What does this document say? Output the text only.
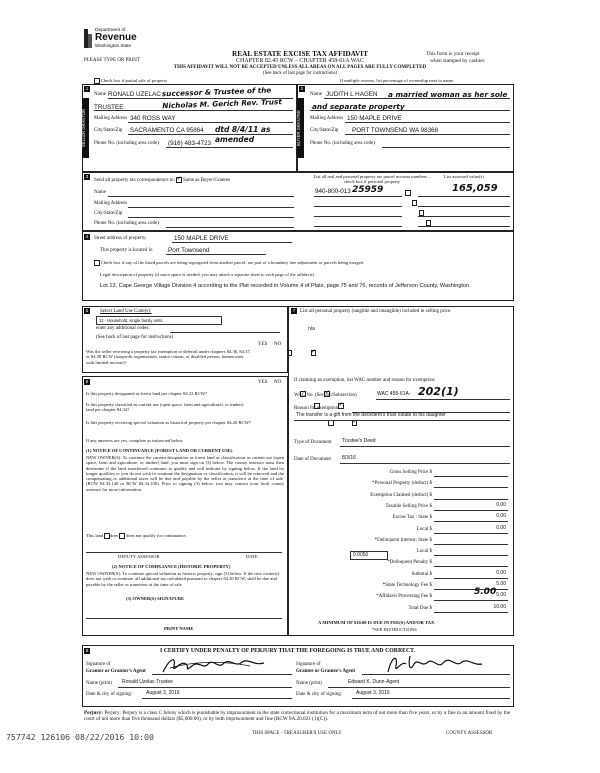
Department of
Revenue
Washington State
PLEASE TYPE OR PRINT
REAL ESTATE EXCISE TAX AFFIDAVIT
CHAPTER 82.45 RCW – CHAPTER 458-61A WAC
THIS AFFIDAVIT WILL NOT BE ACCEPTED UNLESS ALL AREAS ON ALL PAGES ARE FULLY COMPLETED
(See back of last page for instructions)
This form is your receipt
when stamped by cashier.
Check box if partial sale of property	If multiple owners, list percentage of ownership next to name.
1	2
SELLER GRANTOR	BUYER GRANTEE
Name RONALD UZELAC -
TRUSTEE
successor & Trustee of the Nicholas M. Gerich Rev. Trust
Mailing Address 340 ROSS WAY
City/State/Zip SACRAMENTO CA 95864 dtd 8/4/11 as amended
Phone No. (including area code) (916) 483-4723
Name JUDITH L HAGEN	a married woman as her sole and separate property
Mailing Address 150 MAPLE DRIVE
City/State/Zip PORT TOWNSEND WA 98368
Phone No. (including area code)
3
Send all property tax correspondence to: ✓ Same as Buyer/Grantee
Name
Mailing Address
City/State/Zip
Phone No. (including area code)
List all real and personal property tax parcel account numbers – check box if personal property
List assessed value(s)
940-800-013 25959	165,059

4	Street address of property:	150 MAPLE DRIVE
This property is located in Port Townsend
Check box if any of the listed parcels are being segregated from another parcel, are part of a boundary line adjustment or parcels being merged.
Legal description of property (if more space is needed, you may attach a separate sheet to each page of the affidavit)
Lot 13, Cape George Village Division 4 according to the Plat recorded in Volume 4 of Plats, page 75 and 76, records of Jefferson County, Washington.
5	Select Land Use Code(s):
11 - Household, single family units
enter any additional codes:
(See back of last page for instructions)
YES NO
Was the seller receiving a property tax exemption or deferral under chapters 84.36, 84.37, or 84.38 RCW (nonprofit organization, senior citizen, or disabled person, homeowner with limited income)?
✓
6	YES NO
Is this property designated as forest land per chapter 84.33 RCW?
✓
Is this property classified as current use (open space, farm and agricultural, or timber) land per chapter 84.34?
✓
Is this property receiving special valuation as historical property per chapter 84.26 RCW?
✓
If any answers are yes, complete as instructed below.
(1) NOTICE OF CONTINUANCE (FOREST LAND OR CURRENT USE)
NEW OWNER(S): To continue the current designation as forest land or classification as current use (open space, farm and agriculture, or timber) land, you must sign on (3) below. The county assessor must then determine if the land transferred continues to qualify and will indicate by signing below. If the land no longer qualifies or you do not wish to continue the designation or classification, it will be removed and the compensating or additional taxes will be due and payable by the seller or transferor at the time of sale. (RCW 84.33.140 or RCW 84.34.108). Prior to signing (3) below, you may contact your local county assessor for more information.
This land does does not qualify for continuance.
DEPUTY ASSESSOR	DATE
(2) NOTICE OF COMPLIANCE (HISTORIC PROPERTY)
NEW OWNER(S): To continue special valuation as historic property, sign (3) below. If the new owner(s) does not wish to continue, all additional tax calculated pursuant to chapter 84.26 RCW, shall be due and payable by the seller or transferor at the time of sale.
(3) OWNER(S) SIGNATURE
PRINT NAME
7 List all personal property (tangible and intangible) included in selling price.
n/a
If claiming an exemption, list WAC number and reason for exemption:
WAC No. (Section/Subsection)	WAC 458-61A- 202(1)
Reason for exemption
The transfer is a gift from the decedent's trust estate to his daughter
Type of Document Trustee's Deed
Date of Document 8/3/16
Gross Selling Price $
*Personal Property (deduct) $
Exemption Claimed (deduct) $
Taxable Selling Price $	0.00
Excise Tax : State $	0.00
Local $	0.00
*Delinquent Interest: State $
Local $
*Delinquent Penalty $
Subtotal $	0.00
*State Technology Fee $	5.00
*Affidavit Processing Fee $	5.00
Total Due $	10.00
0.0050
5.00
A MINIMUM OF $10.00 IS DUE IN FEE(S) AND/OR TAX
*SEE INSTRUCTIONS
8	I CERTIFY UNDER PENALTY OF PERJURY THAT THE FOREGOING IS TRUE AND CORRECT.
Signature of
Grantor or Grantor's Agent
Name (print) Ronald Uzelac-Trustee
Date & city of signing:	August 3, 2016
Signature of
Grantee or Grantee's Agent
Name (print)	Edward K. Dunn-Agent
Date & city of signing:	August 3, 2016
Perjury: Perjury: Perjury is a class C felony which is punishable by imprisonment in the state correctional institution for a maximum term of not more than five years, or by a fine in an amount fixed by the court of not more than five thousand dollars ($5,000.00), or by both imprisonment and fine (RCW 9A.20.021 (1)(C)).
757742 126106 08/22/2016 10:00	THIS SPACE - TREASURER'S USE ONLY	COUNTY ASSESSOR
